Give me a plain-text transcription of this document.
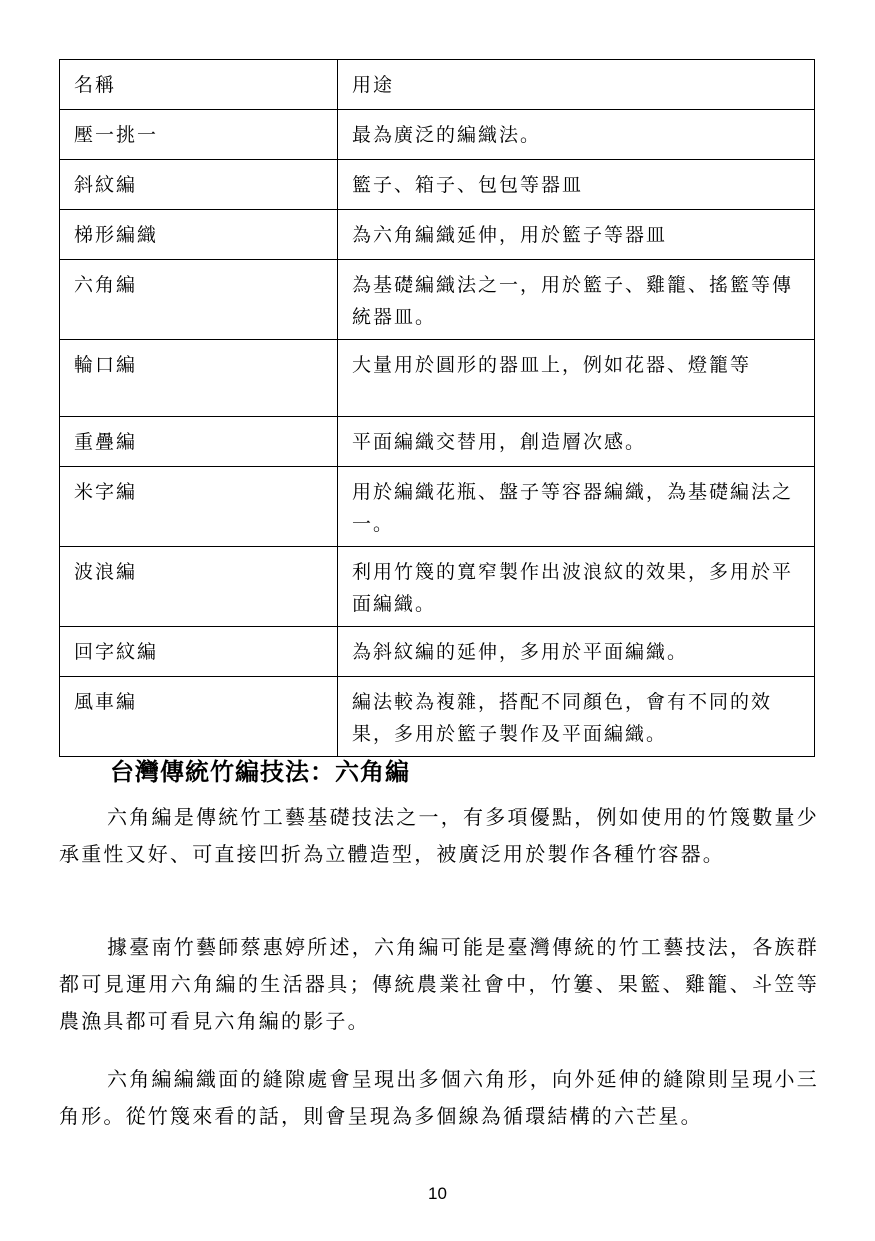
名稱	用途
壓一挑一	最為廣泛的編織法。
斜紋編	籃子、箱子、包包等器皿
梯形編織	為六角編織延伸，用於籃子等器皿
六角編	為基礎編織法之一，用於籃子、雞籠、搖籃等傳統器皿。
輪口編	大量用於圓形的器皿上，例如花器、燈籠等
重疊編	平面編織交替用，創造層次感。
米字編	用於編織花瓶、盤子等容器編織，為基礎編法之一。
波浪編	利用竹篾的寬窄製作出波浪紋的效果，多用於平面編織。
回字紋編	為斜紋編的延伸，多用於平面編織。
風車編	編法較為複雜，搭配不同顏色，會有不同的效果，多用於籃子製作及平面編織。
台灣傳統竹編技法：六角編

六角編是傳統竹工藝基礎技法之一，有多項優點，例如使用的竹篾數量少承重性又好、可直接凹折為立體造型，被廣泛用於製作各種竹容器。

據臺南竹藝師蔡惠婷所述，六角編可能是臺灣傳統的竹工藝技法，各族群都可見運用六角編的生活器具；傳統農業社會中，竹簍、果籃、雞籠、斗笠等農漁具都可看見六角編的影子。

六角編編織面的縫隙處會呈現出多個六角形，向外延伸的縫隙則呈現小三角形。從竹篾來看的話，則會呈現為多個線為循環結構的六芒星。

10
